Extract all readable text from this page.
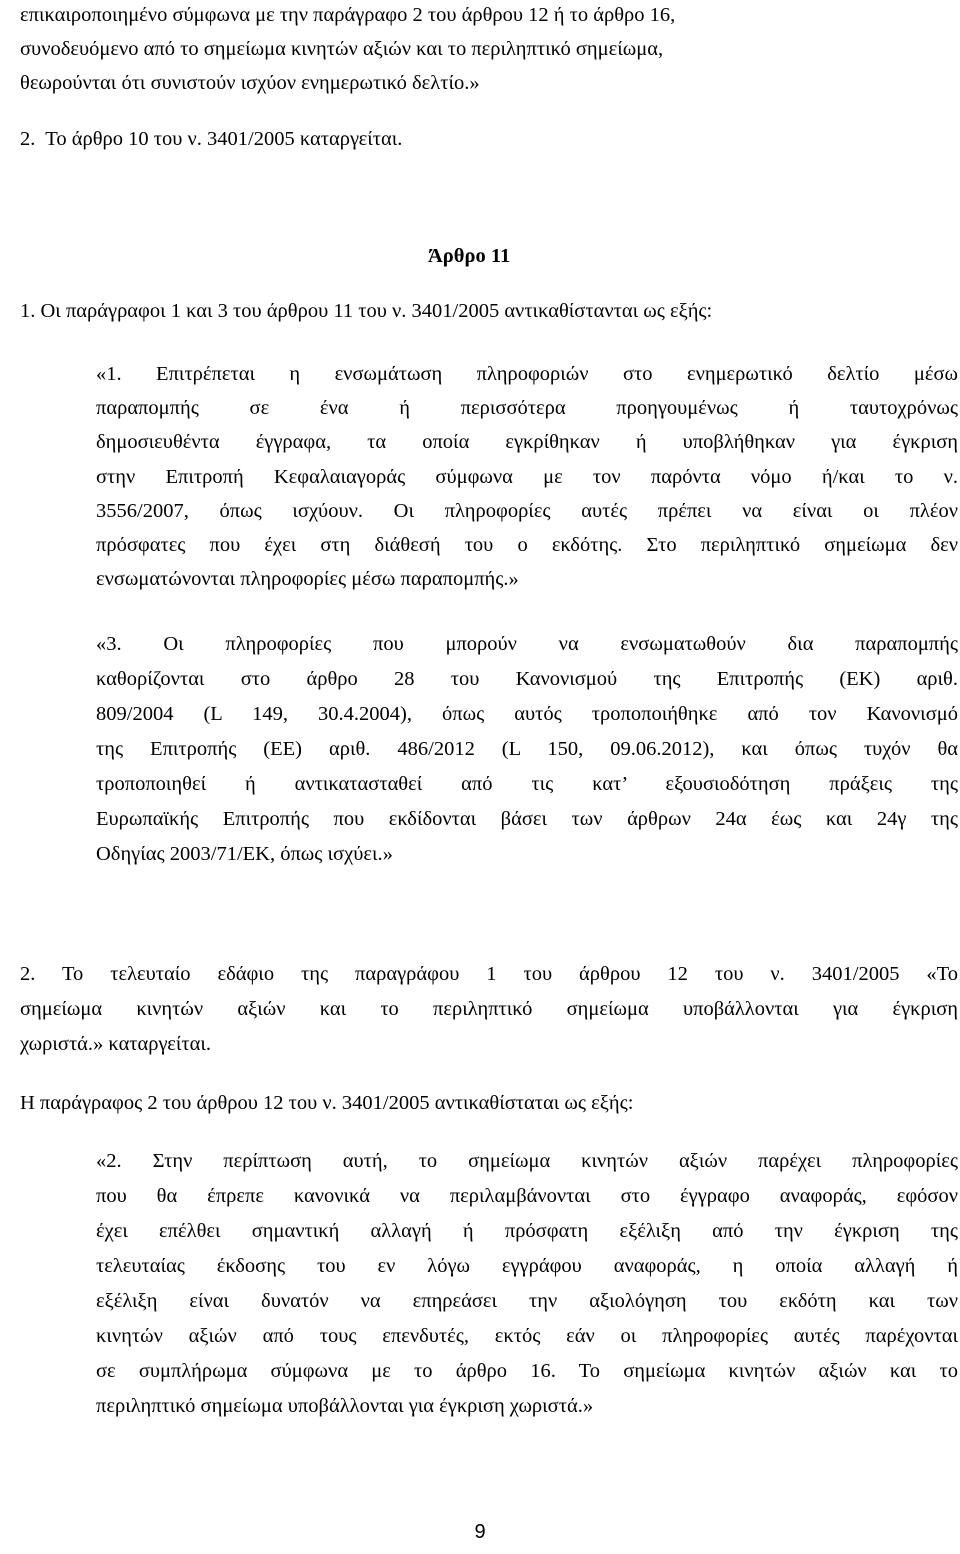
επικαιροποιημένο σύμφωνα με την παράγραφο 2 του άρθρου 12 ή το άρθρο 16,
συνοδευόμενο από το σημείωμα κινητών αξιών και το περιληπτικό σημείωμα,
θεωρούνται ότι συνιστούν ισχύον ενημερωτικό δελτίο.»
2.  Το άρθρο 10 του ν. 3401/2005 καταργείται.
Άρθρο 11
1. Οι παράγραφοι 1 και 3 του άρθρου 11 του ν. 3401/2005 αντικαθίστανται ως εξής:
«1. Επιτρέπεται η ενσωμάτωση πληροφοριών στο ενημερωτικό δελτίο μέσω
παραπομπής σε ένα ή περισσότερα προηγουμένως ή ταυτοχρόνως
δημοσιευθέντα έγγραφα, τα οποία εγκρίθηκαν ή υποβλήθηκαν για έγκριση
στην Επιτροπή Κεφαλαιαγοράς σύμφωνα με τον παρόντα νόμο ή/και το ν.
3556/2007, όπως ισχύουν. Οι πληροφορίες αυτές πρέπει να είναι οι πλέον
πρόσφατες που έχει στη διάθεσή του ο εκδότης. Στο περιληπτικό σημείωμα δεν
ενσωματώνονται πληροφορίες μέσω παραπομπής.»
«3. Οι πληροφορίες που μπορούν να ενσωματωθούν δια παραπομπής
καθορίζονται στο άρθρο 28 του Κανονισμού της Επιτροπής (ΕΚ) αριθ.
809/2004 (L 149, 30.4.2004), όπως αυτός τροποποιήθηκε από τον Κανονισμό
της Επιτροπής (ΕΕ) αριθ. 486/2012 (L 150, 09.06.2012), και όπως τυχόν θα
τροποποιηθεί ή αντικατασταθεί από τις κατ’ εξουσιοδότηση πράξεις της
Ευρωπαϊκής Επιτροπής που εκδίδονται βάσει των άρθρων 24α έως και 24γ της
Οδηγίας 2003/71/ΕΚ, όπως ισχύει.»
2. Το τελευταίο εδάφιο της παραγράφου 1 του άρθρου 12 του ν. 3401/2005 «Το
σημείωμα κινητών αξιών και το περιληπτικό σημείωμα υποβάλλονται για έγκριση
χωριστά.» καταργείται.
Η παράγραφος 2 του άρθρου 12 του ν. 3401/2005 αντικαθίσταται ως εξής:
«2. Στην περίπτωση αυτή, το σημείωμα κινητών αξιών παρέχει πληροφορίες
που θα έπρεπε κανονικά να περιλαμβάνονται στο έγγραφο αναφοράς, εφόσον
έχει επέλθει σημαντική αλλαγή ή πρόσφατη εξέλιξη από την έγκριση της
τελευταίας έκδοσης του εν λόγω εγγράφου αναφοράς, η οποία αλλαγή ή
εξέλιξη είναι δυνατόν να επηρεάσει την αξιολόγηση του εκδότη και των
κινητών αξιών από τους επενδυτές, εκτός εάν οι πληροφορίες αυτές παρέχονται
σε συμπλήρωμα σύμφωνα με το άρθρο 16. Το σημείωμα κινητών αξιών και το
περιληπτικό σημείωμα υποβάλλονται για έγκριση χωριστά.»
9
